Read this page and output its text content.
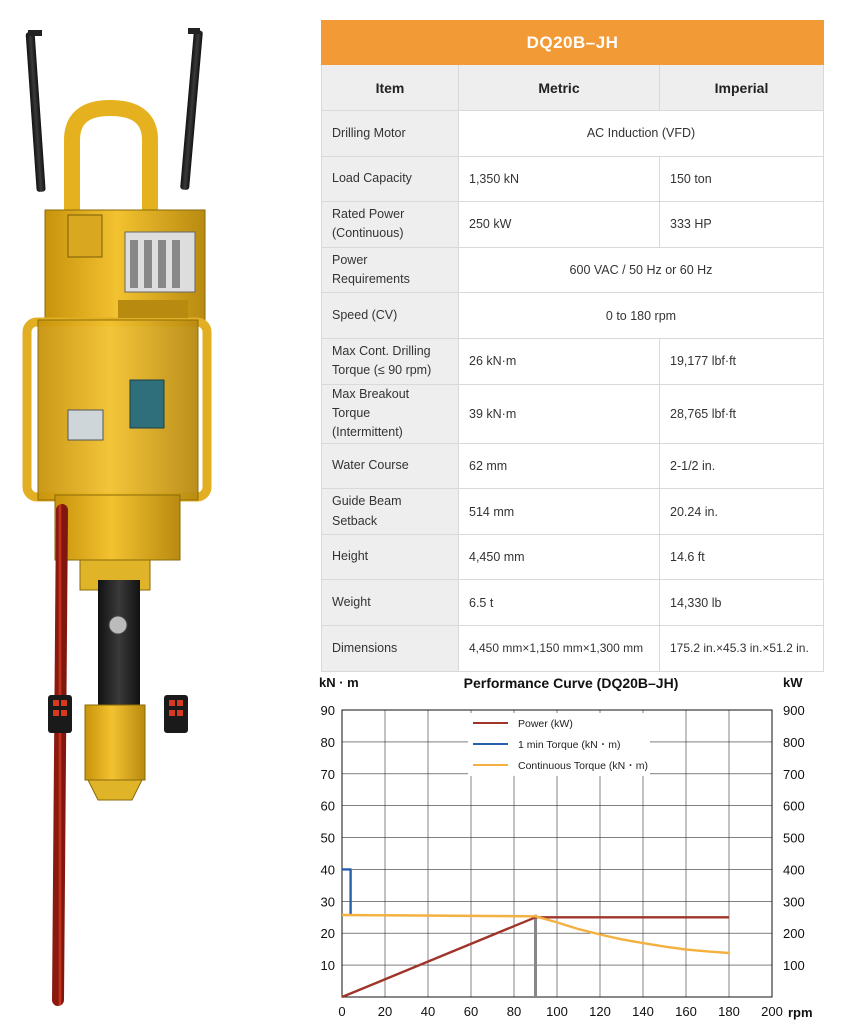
DQ20B–JH		
Item	Metric	Imperial
Drilling Motor	AC Induction (VFD)	
Load Capacity	1,350 kN	150 ton
Rated Power
(Continuous)	250 kW	333 HP
Power Requirements	600 VAC / 50 Hz or 60 Hz	
Speed (CV)	0 to 180 rpm	
Max Cont. Drilling
Torque (≤ 90 rpm)	26 kN·m	19,177 lbf·ft
Max Breakout Torque
(Intermittent)	39 kN·m	28,765 lbf·ft
Water Course	62 mm	2-1/2 in.
Guide Beam Setback	514 mm	20.24 in.
Height	4,450 mm	14.6 ft
Weight	6.5 t	14,330 lb
Dimensions	4,450 mm×1,150 mm×1,300 mm	175.2 in.×45.3 in.×51.2 in.
Performance Curve (DQ20B–JH)
kN · m	kW
rpm
0 20 40 60 80 100 120 140 160 180 200
10
20
30
40
50
60
70
80
90
100
200
300
400
500
600
700
800
900
Power (kW)
1 min Torque (kN・m)
Continuous Torque (kN・m)
